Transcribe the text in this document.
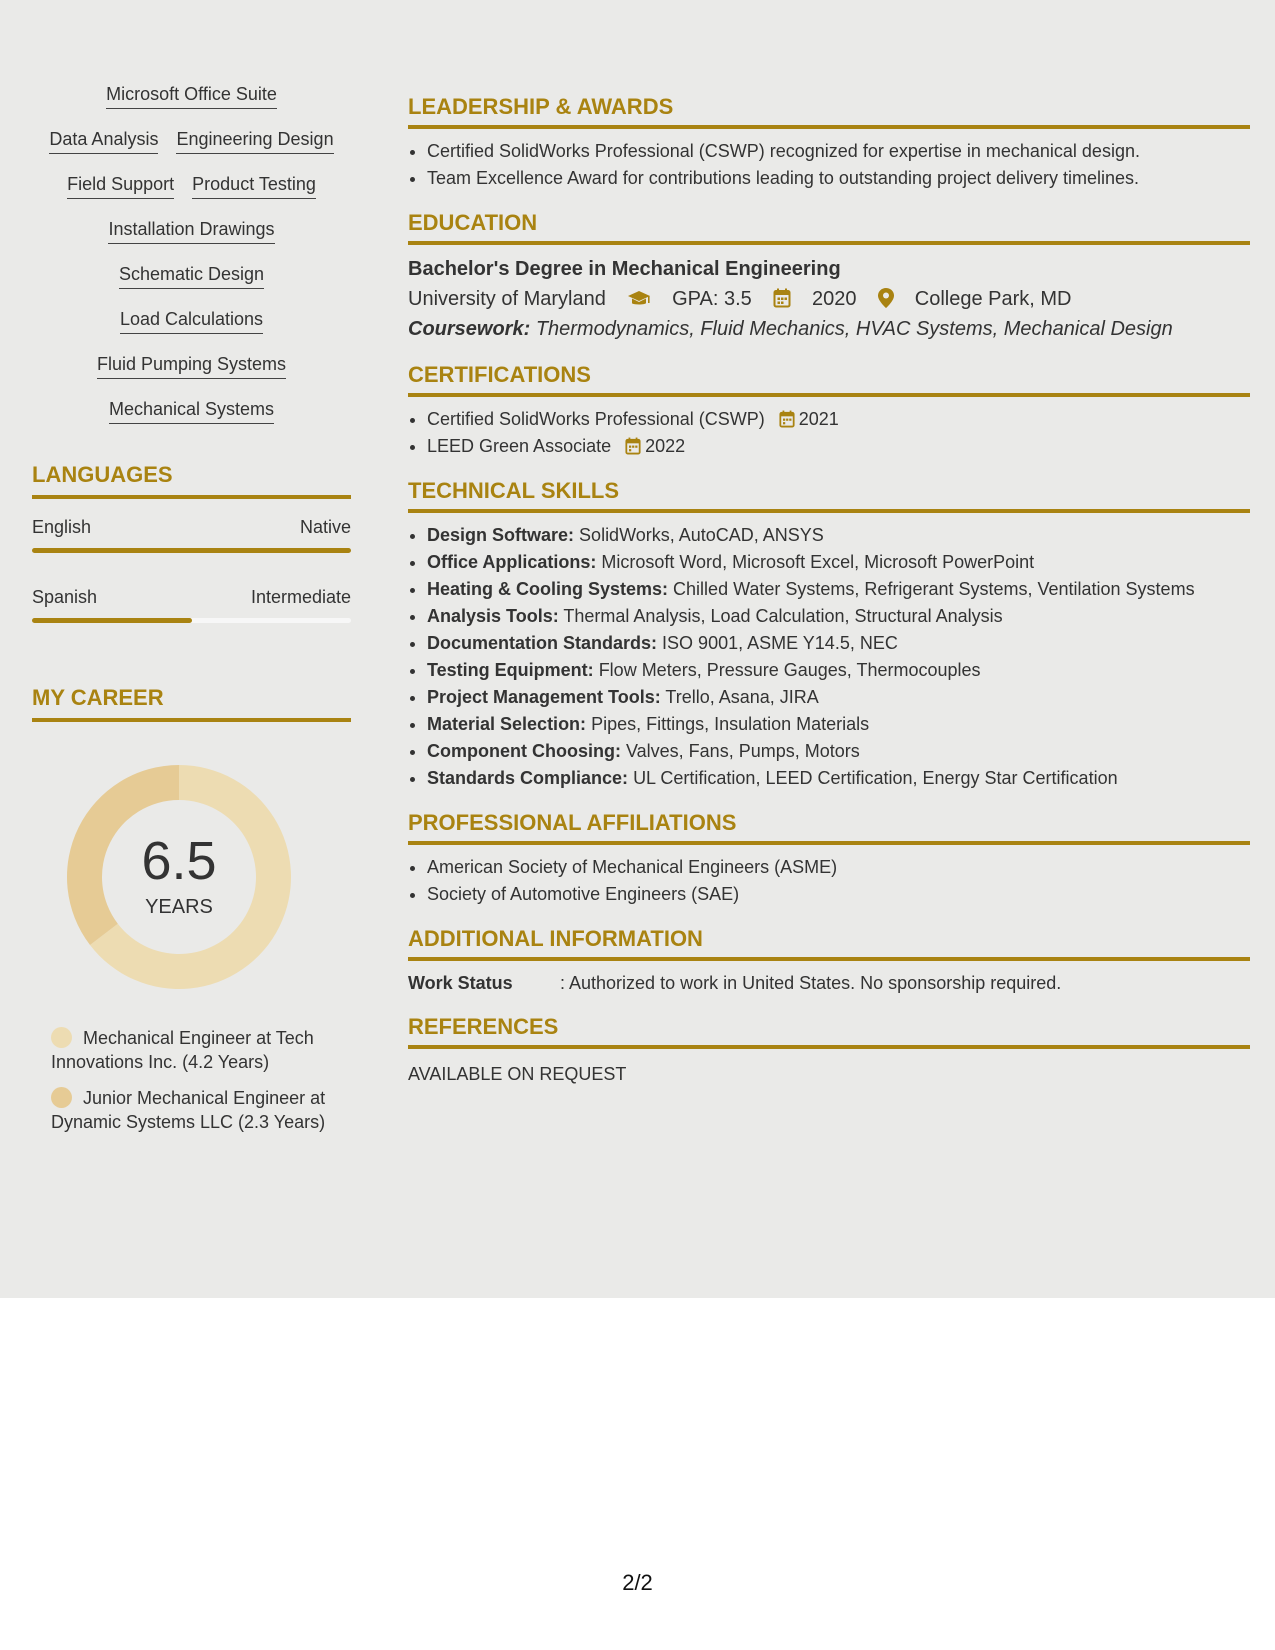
Microsoft Office Suite
Data Analysis Engineering Design
Field Support Product Testing
Installation Drawings
Schematic Design
Load Calculations
Fluid Pumping Systems
Mechanical Systems
LANGUAGES
English	Native
Spanish	Intermediate
MY CAREER
6.5
YEARS
Mechanical Engineer at Tech Innovations Inc. (4.2 Years)
Junior Mechanical Engineer at Dynamic Systems LLC (2.3 Years)
LEADERSHIP & AWARDS
• Certified SolidWorks Professional (CSWP) recognized for expertise in mechanical design.
• Team Excellence Award for contributions leading to outstanding project delivery timelines.
EDUCATION
Bachelor's Degree in Mechanical Engineering
University of Maryland	GPA: 3.5	2020	College Park, MD
Coursework: Thermodynamics, Fluid Mechanics, HVAC Systems, Mechanical Design
CERTIFICATIONS
• Certified SolidWorks Professional (CSWP) 2021
• LEED Green Associate 2022
TECHNICAL SKILLS
• Design Software: SolidWorks, AutoCAD, ANSYS
• Office Applications: Microsoft Word, Microsoft Excel, Microsoft PowerPoint
• Heating & Cooling Systems: Chilled Water Systems, Refrigerant Systems, Ventilation Systems
• Analysis Tools: Thermal Analysis, Load Calculation, Structural Analysis
• Documentation Standards: ISO 9001, ASME Y14.5, NEC
• Testing Equipment: Flow Meters, Pressure Gauges, Thermocouples
• Project Management Tools: Trello, Asana, JIRA
• Material Selection: Pipes, Fittings, Insulation Materials
• Component Choosing: Valves, Fans, Pumps, Motors
• Standards Compliance: UL Certification, LEED Certification, Energy Star Certification
PROFESSIONAL AFFILIATIONS
• American Society of Mechanical Engineers (ASME)
• Society of Automotive Engineers (SAE)
ADDITIONAL INFORMATION
Work Status	: Authorized to work in United States. No sponsorship required.
REFERENCES
AVAILABLE ON REQUEST
2/2
